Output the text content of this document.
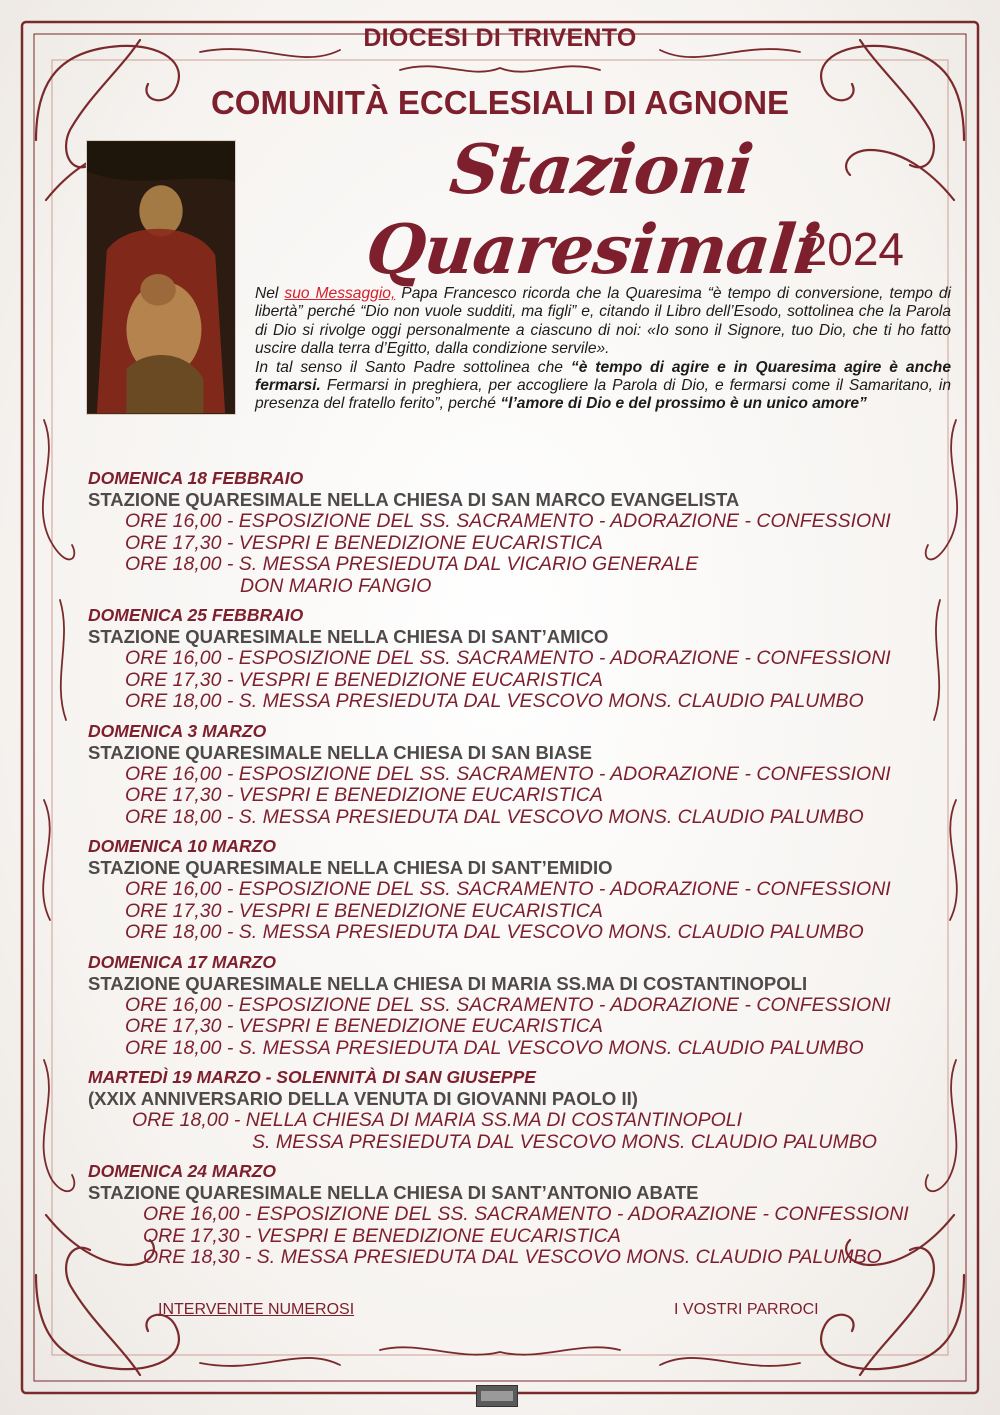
DIOCESI DI TRIVENTO
COMUNITÀ ECCLESIALI DI AGNONE
Stazioni Quaresimali
2024

Nel suo Messaggio, Papa Francesco ricorda che la Quaresima “è tempo di conversione, tempo di libertà” perché “Dio non vuole sudditi, ma figli” e, citando il Libro dell’Esodo, sottolinea che la Parola di Dio si rivolge oggi personalmente a ciascuno di noi: «Io sono il Signore, tuo Dio, che ti ho fatto uscire dalla terra d’Egitto, dalla condizione servile».

In tal senso il Santo Padre sottolinea che “è tempo di agire e in Quaresima agire è anche fermarsi. Fermarsi in preghiera, per accogliere la Parola di Dio, e fermarsi come il Samaritano, in presenza del fratello ferito”, perché “l’amore di Dio e del prossimo è un unico amore”

DOMENICA 18 FEBBRAIO
STAZIONE QUARESIMALE NELLA CHIESA DI SAN MARCO EVANGELISTA
ORE 16,00 - ESPOSIZIONE DEL SS. SACRAMENTO - ADORAZIONE - CONFESSIONI
ORE 17,30 - VESPRI E BENEDIZIONE EUCARISTICA
ORE 18,00 - S. MESSA PRESIEDUTA DAL VICARIO GENERALE
DON MARIO FANGIO
DOMENICA 25 FEBBRAIO
STAZIONE QUARESIMALE NELLA CHIESA DI SANT’AMICO
ORE 16,00 - ESPOSIZIONE DEL SS. SACRAMENTO - ADORAZIONE - CONFESSIONI
ORE 17,30 - VESPRI E BENEDIZIONE EUCARISTICA
ORE 18,00 - S. MESSA PRESIEDUTA DAL VESCOVO MONS. CLAUDIO PALUMBO
DOMENICA 3 MARZO
STAZIONE QUARESIMALE NELLA CHIESA DI SAN BIASE
ORE 16,00 - ESPOSIZIONE DEL SS. SACRAMENTO - ADORAZIONE - CONFESSIONI
ORE 17,30 - VESPRI E BENEDIZIONE EUCARISTICA
ORE 18,00 - S. MESSA PRESIEDUTA DAL VESCOVO MONS. CLAUDIO PALUMBO
DOMENICA 10 MARZO
STAZIONE QUARESIMALE NELLA CHIESA DI SANT’EMIDIO
ORE 16,00 - ESPOSIZIONE DEL SS. SACRAMENTO - ADORAZIONE - CONFESSIONI
ORE 17,30 - VESPRI E BENEDIZIONE EUCARISTICA
ORE 18,00 - S. MESSA PRESIEDUTA DAL VESCOVO MONS. CLAUDIO PALUMBO
DOMENICA 17 MARZO
STAZIONE QUARESIMALE NELLA CHIESA DI MARIA SS.MA DI COSTANTINOPOLI
ORE 16,00 - ESPOSIZIONE DEL SS. SACRAMENTO - ADORAZIONE - CONFESSIONI
ORE 17,30 - VESPRI E BENEDIZIONE EUCARISTICA
ORE 18,00 - S. MESSA PRESIEDUTA DAL VESCOVO MONS. CLAUDIO PALUMBO
MARTEDÌ 19 MARZO - SOLENNITÀ DI SAN GIUSEPPE
(XXIX ANNIVERSARIO DELLA VENUTA DI GIOVANNI PAOLO II)
ORE 18,00 - NELLA CHIESA DI MARIA SS.MA DI COSTANTINOPOLI
S. MESSA PRESIEDUTA DAL VESCOVO MONS. CLAUDIO PALUMBO
DOMENICA 24 MARZO
STAZIONE QUARESIMALE NELLA CHIESA DI SANT’ANTONIO ABATE
ORE 16,00 - ESPOSIZIONE DEL SS. SACRAMENTO - ADORAZIONE - CONFESSIONI
ORE 17,30 - VESPRI E BENEDIZIONE EUCARISTICA
ORE 18,30 - S. MESSA PRESIEDUTA DAL VESCOVO MONS. CLAUDIO PALUMBO
INTERVENITE NUMEROSI	I VOSTRI PARROCI
